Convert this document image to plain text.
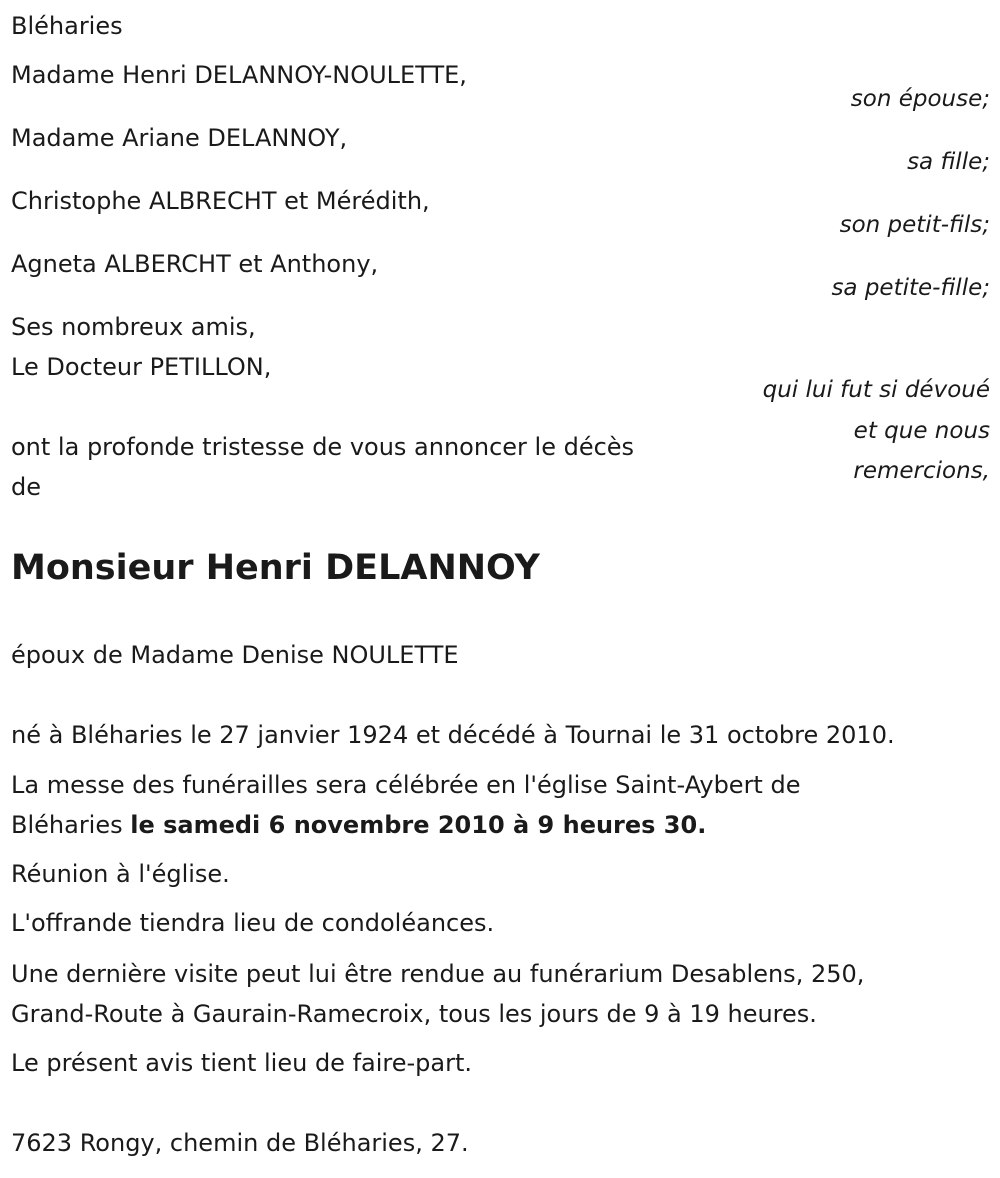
Bléharies

Madame Henri DELANNOY-NOULETTE,

son épouse;

Madame Ariane DELANNOY,

sa fille;

Christophe ALBRECHT et Mérédith,

son petit-fils;

Agneta ALBERCHT et Anthony,

sa petite-fille;

Ses nombreux amis,

Le Docteur PETILLON,

qui lui fut si dévoué

et que nous

remercions,

ont la profonde tristesse de vous annoncer le décès

de

Monsieur Henri DELANNOY

époux de Madame Denise NOULETTE

né à Bléharies le 27 janvier 1924 et décédé à Tournai le 31 octobre 2010.

La messe des funérailles sera célébrée en l'église Saint-Aybert de

Bléharies le samedi 6 novembre 2010 à 9 heures 30.

Réunion à l'église.

L'offrande tiendra lieu de condoléances.

Une dernière visite peut lui être rendue au funérarium Desablens, 250,

Grand-Route à Gaurain-Ramecroix, tous les jours de 9 à 19 heures.

Le présent avis tient lieu de faire-part.

7623 Rongy, chemin de Bléharies, 27.
